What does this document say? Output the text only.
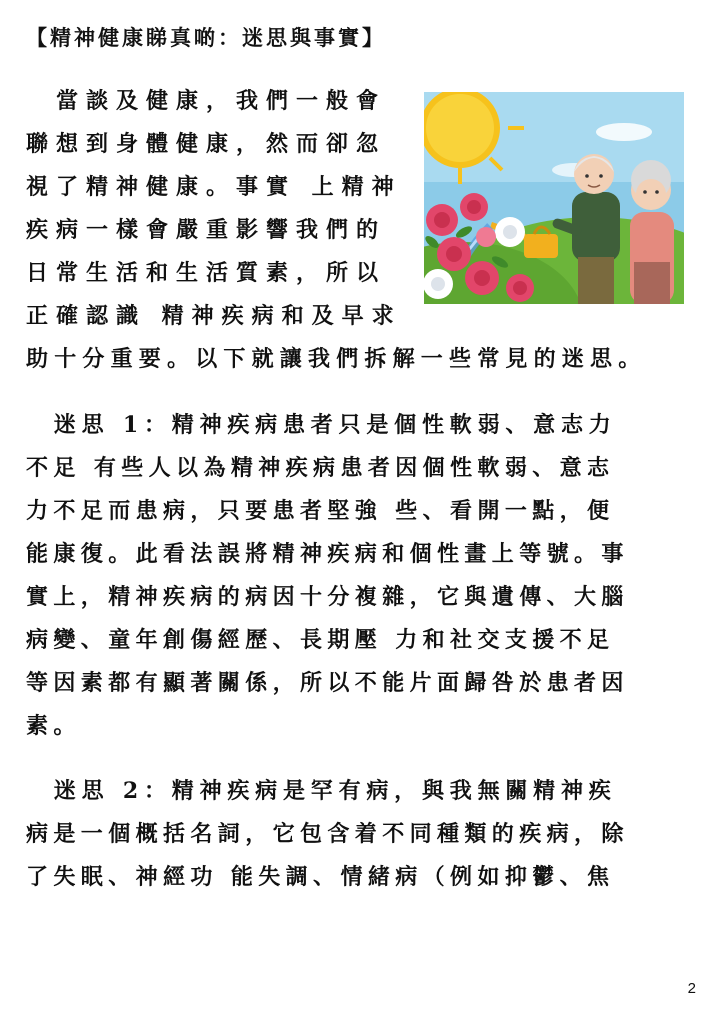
【精神健康睇真啲：迷思與事實】
　當談及健康，我們一般會
聯想到身體健康，然而卻忽
視了精神健康。事實 上精神
疾病一樣會嚴重影響我們的
日常生活和生活質素，所以
正確認識 精神疾病和及早求
助十分重要。以下就讓我們拆解一些常見的迷思。
　迷思 1：精神疾病患者只是個性軟弱、意志力
不足 有些人以為精神疾病患者因個性軟弱、意志
力不足而患病，只要患者堅強 些、看開一點，便
能康復。此看法誤將精神疾病和個性畫上等號。事
實上，精神疾病的病因十分複雜，它與遺傳、大腦
病變、童年創傷經歷、長期壓 力和社交支援不足
等因素都有顯著關係，所以不能片面歸咎於患者因
素。
　迷思 2：精神疾病是罕有病，與我無關精神疾
病是一個概括名詞，它包含着不同種類的疾病，除
了失眠、神經功 能失調、情緒病（例如抑鬱、焦
2
